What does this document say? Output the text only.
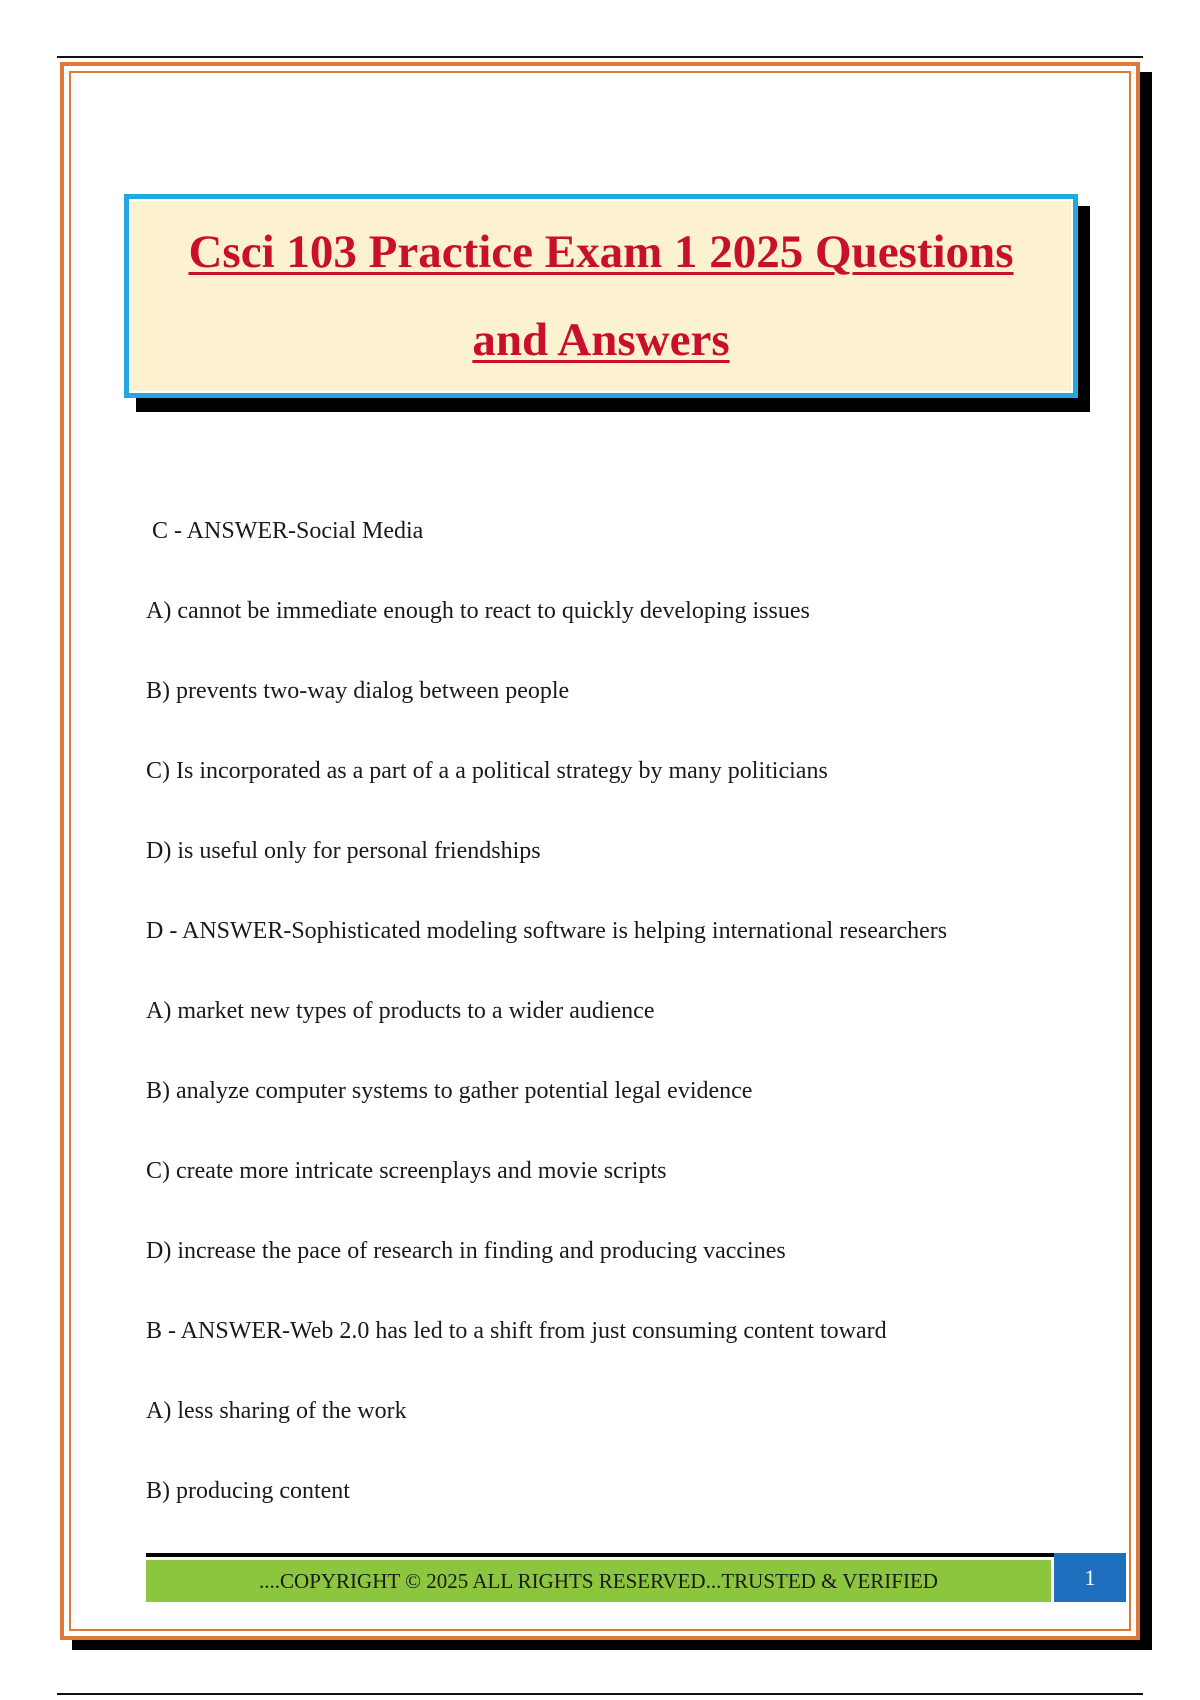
Csci 103 Practice Exam 1 2025 Questions and Answers
C - ANSWER-Social Media
A) cannot be immediate enough to react to quickly developing issues
B) prevents two-way dialog between people
C) Is incorporated as a part of a a political strategy by many politicians
D) is useful only for personal friendships
D - ANSWER-Sophisticated modeling software is helping international researchers
A) market new types of products to a wider audience
B) analyze computer systems to gather potential legal evidence
C) create more intricate screenplays and movie scripts
D) increase the pace of research in finding and producing vaccines
B - ANSWER-Web 2.0 has led to a shift from just consuming content toward
A) less sharing of the work
B) producing content
....COPYRIGHT © 2025 ALL RIGHTS RESERVED...TRUSTED & VERIFIED	1
